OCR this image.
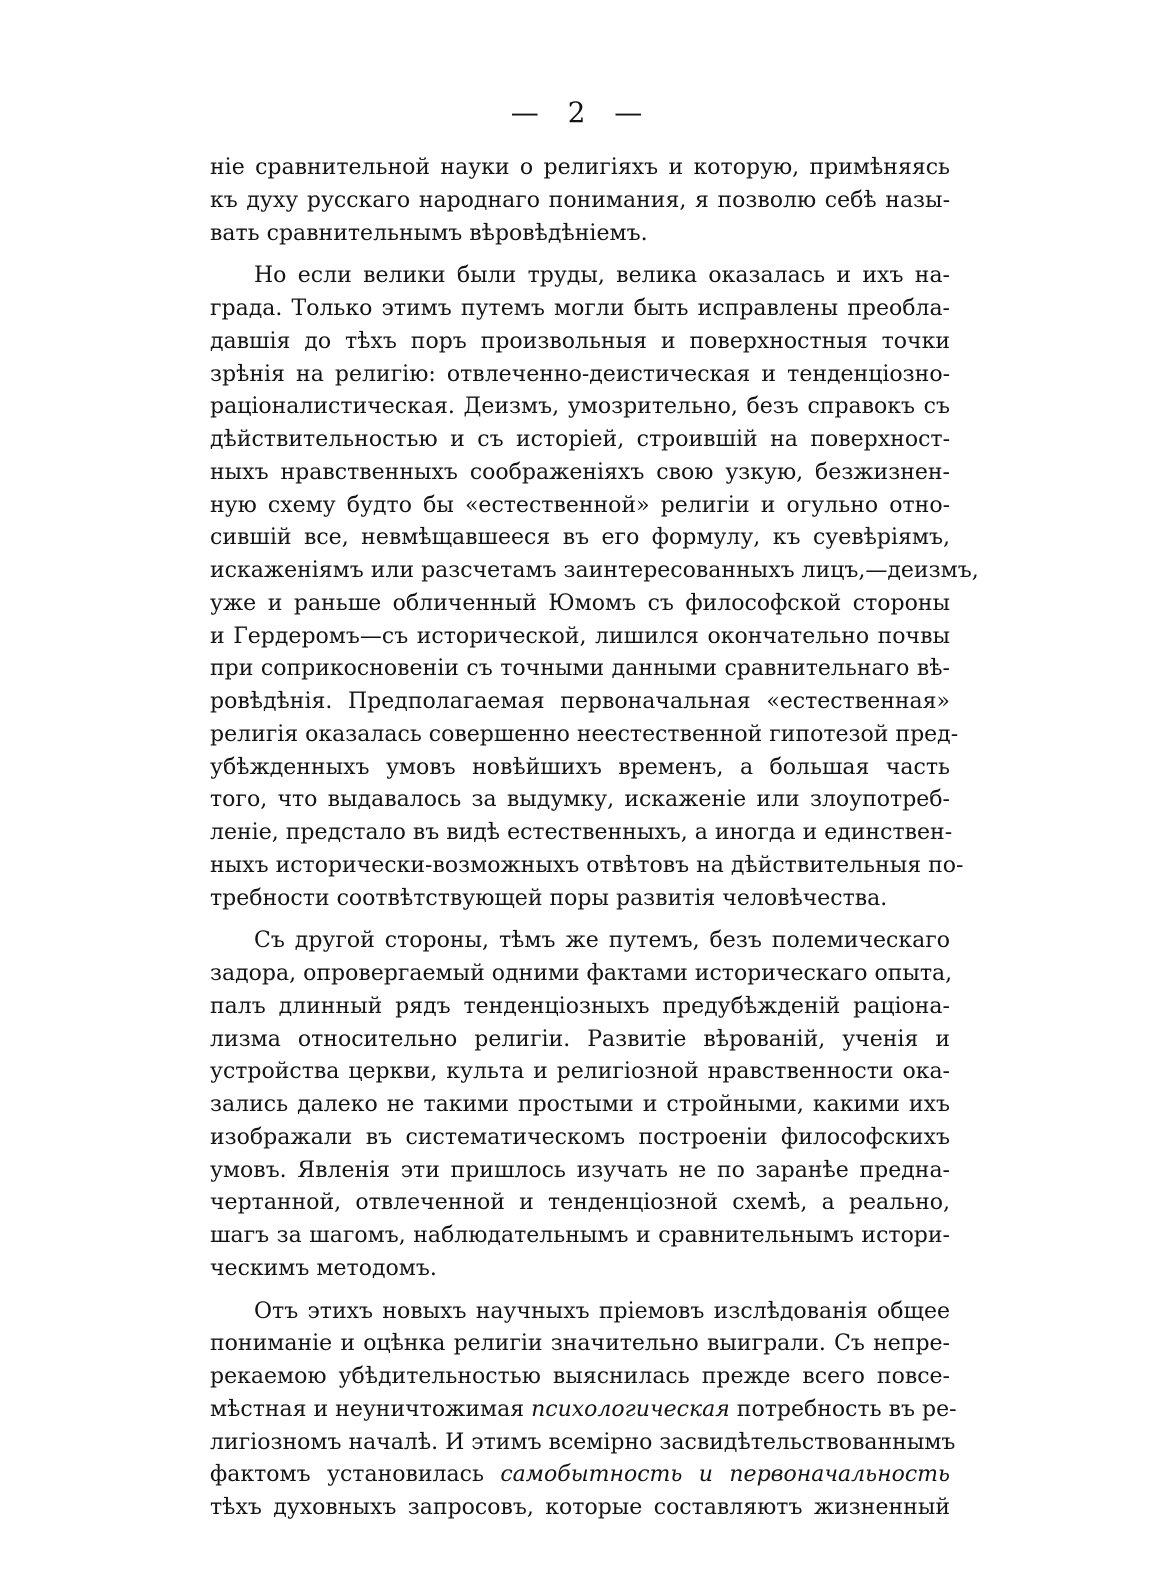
— 2 —
нiе сравнительной науки о религiяхъ и которую, примѣняясь
къ духу русскаго народнаго понимания, я позволю себѣ назы-
вать сравнительнымъ вѣровѣдѣнiемъ.
Но если велики были труды, велика оказалась и ихъ на-
града. Только этимъ путемъ могли быть исправлены преобла-
давшiя до тѣхъ поръ произвольныя и поверхностныя точки
зрѣнiя на религiю: отвлеченно-деистическая и тенденцiозно-
рацiоналистическая. Деизмъ, умозрительно, безъ справокъ съ
дѣйствительностью и съ исторiей, строившiй на поверхност-
ныхъ нравственныхъ соображенiяхъ свою узкую, безжизнен-
ную схему будто бы «естественной» религiи и огульно отно-
сившiй все, невмѣщавшееся въ его формулу, къ суевѣрiямъ,
искаженiямъ или разсчетамъ заинтересованныхъ лицъ,—деизмъ,
уже и раньше обличенный Юмомъ съ философской стороны
и Гердеромъ—съ исторической, лишился окончательно почвы
при соприкосновенiи съ точными данными сравнительнаго вѣ-
ровѣдѣнiя. Предполагаемая первоначальная «естественная»
религiя оказалась совершенно неестественной гипотезой пред-
убѣжденныхъ умовъ новѣйшихъ временъ, а большая часть
того, что выдавалось за выдумку, искаженiе или злоупотреб-
ленiе, предстало въ видѣ естественныхъ, а иногда и единствен-
ныхъ исторически-возможныхъ отвѣтовъ на дѣйствительныя по-
требности соотвѣтствующей поры развитiя человѣчества.
Съ другой стороны, тѣмъ же путемъ, безъ полемическаго
задора, опровергаемый одними фактами историческаго опыта,
палъ длинный рядъ тенденцiозныхъ предубѣжденiй рацiона-
лизма относительно религiи. Развитiе вѣрованiй, ученiя и
устройства церкви, культа и религiозной нравственности ока-
зались далеко не такими простыми и стройными, какими ихъ
изображали въ систематическомъ построенiи философскихъ
умовъ. Явленiя эти пришлось изучать не по заранѣе предна-
чертанной, отвлеченной и тенденцiозной схемѣ, а реально,
шагъ за шагомъ, наблюдательнымъ и сравнительнымъ истори-
ческимъ методомъ.
Отъ этихъ новыхъ научныхъ прiемовъ изслѣдованiя общее
пониманiе и оцѣнка религiи значительно выиграли. Съ непре-
рекаемою убѣдительностью выяснилась прежде всего повсе-
мѣстная и неуничтожимая психологическая потребность въ ре-
лигiозномъ началѣ. И этимъ всемiрно засвидѣтельствованнымъ
фактомъ установилась самобытность и первоначальность
тѣхъ духовныхъ запросовъ, которые составляютъ жизненный
